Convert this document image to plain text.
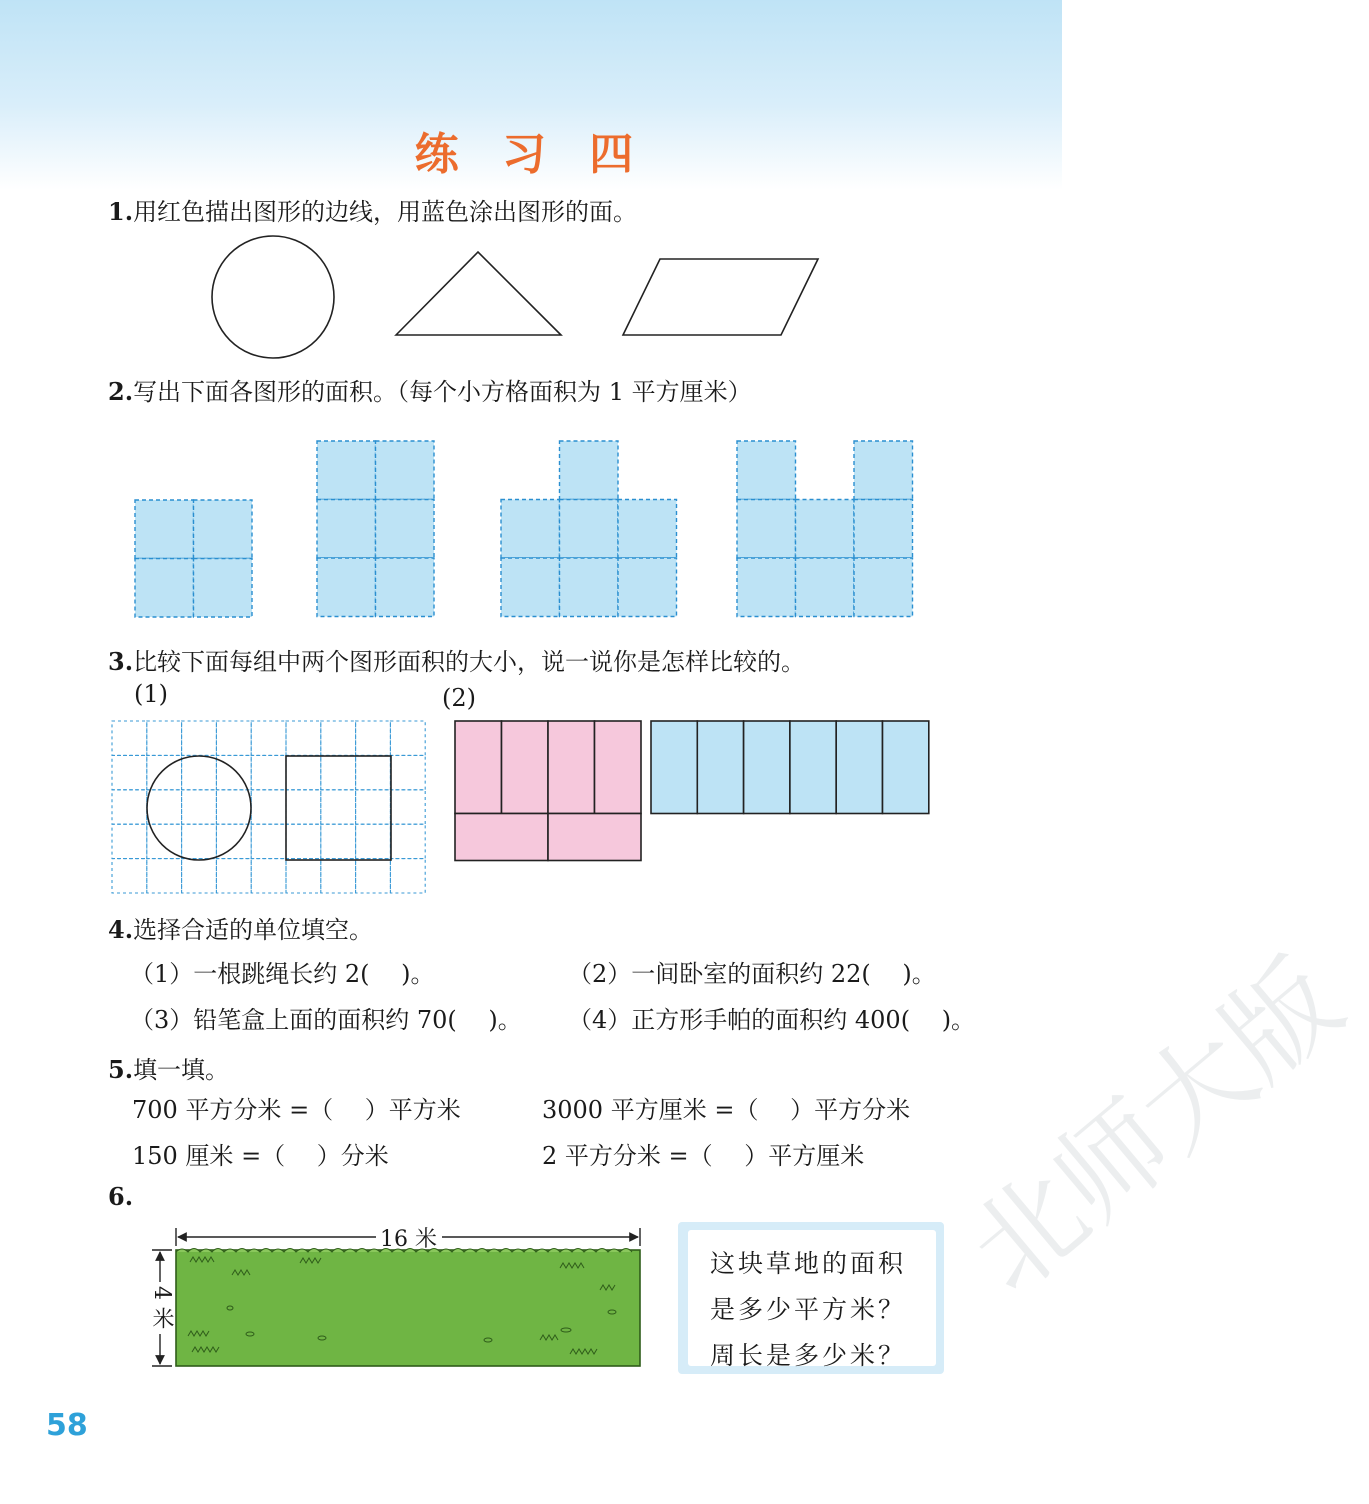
练 习 四
1.用红色描出图形的边线，用蓝色涂出图形的面。
2.写出下面各图形的面积。（每个小方格面积为 1 平方厘米）
3.比较下面每组中两个图形面积的大小，说一说你是怎样比较的。
(1)	(2)
4.选择合适的单位填空。
（1）一根跳绳长约 2(　 )。	（2）一间卧室的面积约 22(　 )。
（3）铅笔盒上面的面积约 70(　 )。 （4）正方形手帕的面积约 400(　 )。
5.填一填。
700 平方分米 =（　 ）平方米	3000 平方厘米 =（　 ）平方分米
150 厘米 =（　 ）分米	2 平方分米 =（　 ）平方厘米
6.
16 米
4 米
这块草地的面积
是多少平方米？
周长是多少米？
58
北师大版
